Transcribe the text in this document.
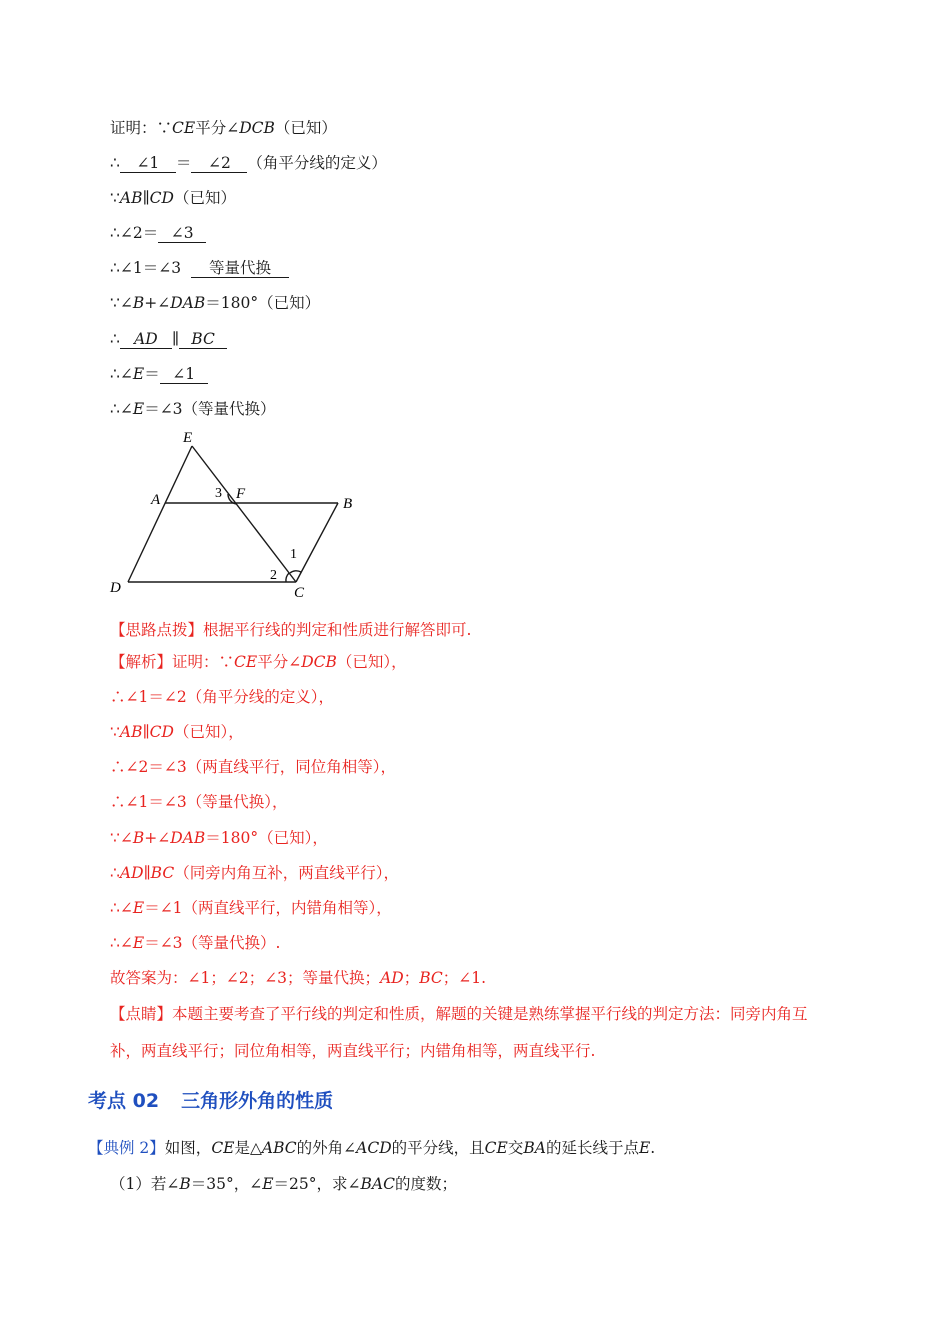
证明：∵CE平分∠DCB（已知）
∴ ∠1 ＝ ∠2 （角平分线的定义）
∵AB∥CD（已知）
∴∠2＝ ∠3
∴∠1＝∠3 等量代换
∵∠B+∠DAB＝180°（已知）
∴ AD ∥ BC
∴∠E＝ ∠1
∴∠E＝∠3（等量代换）
E
A	F
B
D	C
1
2
3
【思路点拨】根据平行线的判定和性质进行解答即可.
【解析】证明：∵CE平分∠DCB（已知），
∴∠1＝∠2（角平分线的定义），
∵AB∥CD（已知），
∴∠2＝∠3（两直线平行，同位角相等），
∴∠1＝∠3（等量代换），
∵∠B+∠DAB＝180°（已知），
∴AD∥BC（同旁内角互补，两直线平行），
∴∠E＝∠1（两直线平行，内错角相等），
∴∠E＝∠3（等量代换）.
故答案为：∠1；∠2；∠3；等量代换；AD；BC；∠1.
【点睛】本题主要考查了平行线的判定和性质，解题的关键是熟练掌握平行线的判定方法：同旁内角互
补，两直线平行；同位角相等，两直线平行；内错角相等，两直线平行.
考点 02 三角形外角的性质
【典例 2】如图，CE是△ABC的外角∠ACD的平分线，且CE交BA的延长线于点E.
（1）若∠B＝35°，∠E＝25°，求∠BAC的度数；
